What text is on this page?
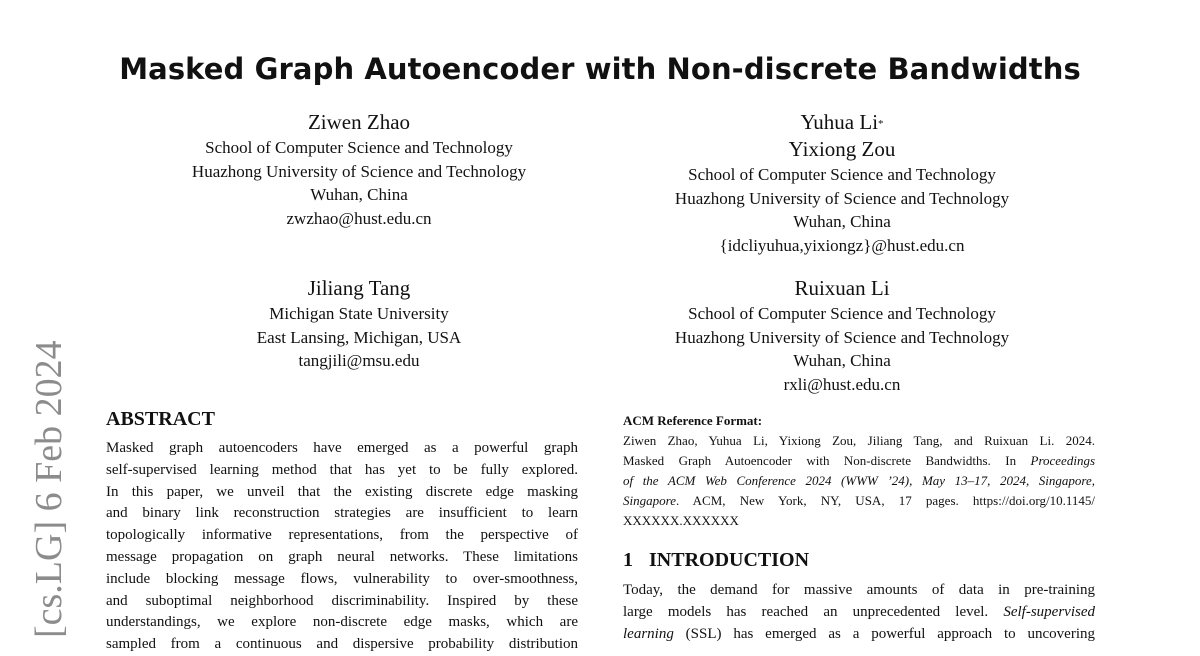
Masked Graph Autoencoder with Non-discrete Bandwidths
Ziwen Zhao
School of Computer Science and Technology
Huazhong University of Science and Technology
Wuhan, China
zwzhao@hust.edu.cn
Jiliang Tang
Michigan State University
East Lansing, Michigan, USA
tangjili@msu.edu
Yuhua Li*
Yixiong Zou
School of Computer Science and Technology
Huazhong University of Science and Technology
Wuhan, China
{idcliyuhua,yixiongz}@hust.edu.cn
Ruixuan Li
School of Computer Science and Technology
Huazhong University of Science and Technology
Wuhan, China
rxli@hust.edu.cn
[cs.LG] 6 Feb 2024 ABSTRACT
Masked graph autoencoders have emerged as a powerful graph
self-supervised learning method that has yet to be fully explored.
In this paper, we unveil that the existing discrete edge masking
and binary link reconstruction strategies are insufficient to learn
topologically informative representations, from the perspective of
message propagation on graph neural networks. These limitations
include blocking message flows, vulnerability to over-smoothness,
and suboptimal neighborhood discriminability. Inspired by these
understandings, we explore non-discrete edge masks, which are
sampled from a continuous and dispersive probability distribution
ACM Reference Format:
Ziwen Zhao, Yuhua Li, Yixiong Zou, Jiliang Tang, and Ruixuan Li. 2024.
Masked Graph Autoencoder with Non-discrete Bandwidths. In Proceedings
of the ACM Web Conference 2024 (WWW ’24), May 13–17, 2024, Singapore,
Singapore. ACM, New York, NY, USA, 17 pages. https://doi.org/10.1145/
XXXXXX.XXXXXX
1 INTRODUCTION
Today, the demand for massive amounts of data in pre-training
large models has reached an unprecedented level. Self-supervised
learning (SSL) has emerged as a powerful approach to uncovering
